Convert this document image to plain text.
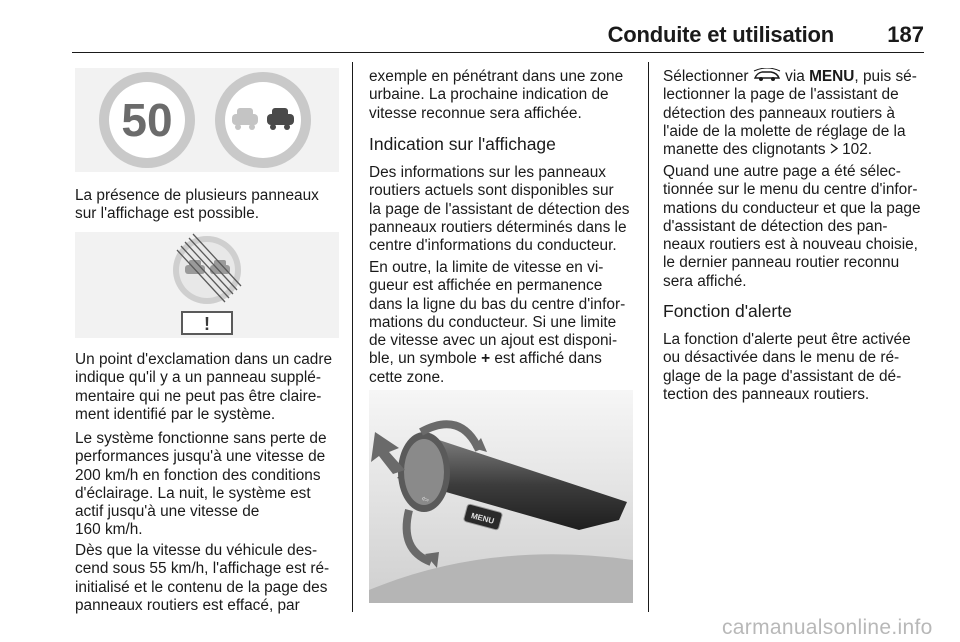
Conduite et utilisation 187
50

La présence de plusieurs panneaux
sur l'affichage est possible.

!

Un point d'exclamation dans un cadre
indique qu'il y a un panneau supplé-
mentaire qui ne peut pas être claire-
ment identifié par le système.

Le système fonctionne sans perte de
performances jusqu'à une vitesse de
200 km/h en fonction des conditions
d'éclairage. La nuit, le système est
actif jusqu'à une vitesse de
160 km/h.

Dès que la vitesse du véhicule des-
cend sous 55 km/h, l'affichage est ré-
initialisé et le contenu de la page des
panneaux routiers est effacé, par

exemple en pénétrant dans une zone
urbaine. La prochaine indication de
vitesse reconnue sera affichée.

Indication sur l'affichage

Des informations sur les panneaux
routiers actuels sont disponibles sur
la page de l'assistant de détection des
panneaux routiers déterminés dans le
centre d'informations du conducteur.

En outre, la limite de vitesse en vi-
gueur est affichée en permanence
dans la ligne du bas du centre d'infor-
mations du conducteur. Si une limite
de vitesse avec un ajout est disponi-
ble, un symbole + est affiché dans
cette zone.

MENU
⇧

Sélectionner  via MENU, puis sé-
lectionner la page de l'assistant de
détection des panneaux routiers à
l'aide de la molette de réglage de la
manette des clignotants  102.

Quand une autre page a été sélec-
tionnée sur le menu du centre d'infor-
mations du conducteur et que la page
d'assistant de détection des pan-
neaux routiers est à nouveau choisie,
le dernier panneau routier reconnu
sera affiché.

Fonction d'alerte

La fonction d'alerte peut être activée
ou désactivée dans le menu de ré-
glage de la page d'assistant de dé-
tection des panneaux routiers.

carmanualsonline.info
